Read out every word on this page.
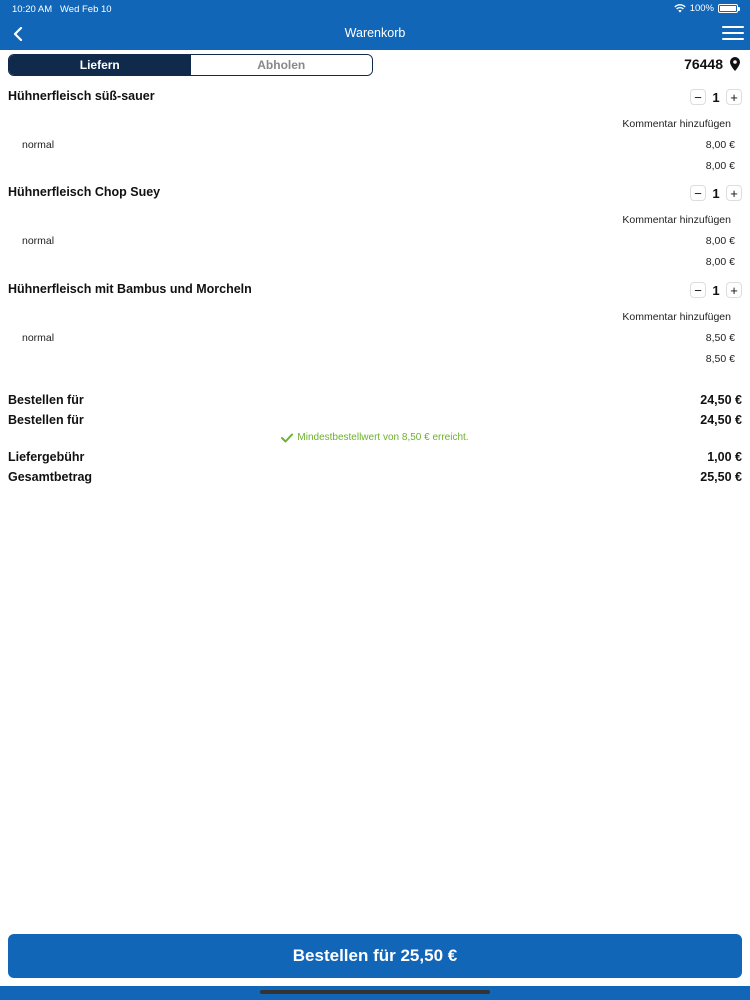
10:20 AM Wed Feb 10	100%
Warenkorb
Liefern	Abholen	76448
Hühnerfleisch süß-sauer	− 1 +
Kommentar hinzufügen
normal	8,00 €
8,00 €
Hühnerfleisch Chop Suey	− 1 +
Kommentar hinzufügen
normal	8,00 €
8,00 €
Hühnerfleisch mit Bambus und Morcheln	− 1 +
Kommentar hinzufügen
normal	8,50 €
8,50 €
Bestellen für	24,50 €
Bestellen für	24,50 €
Mindestbestellwert von 8,50 € erreicht.
Liefergebühr	1,00 €
Gesamtbetrag	25,50 €
Bestellen für 25,50 €
